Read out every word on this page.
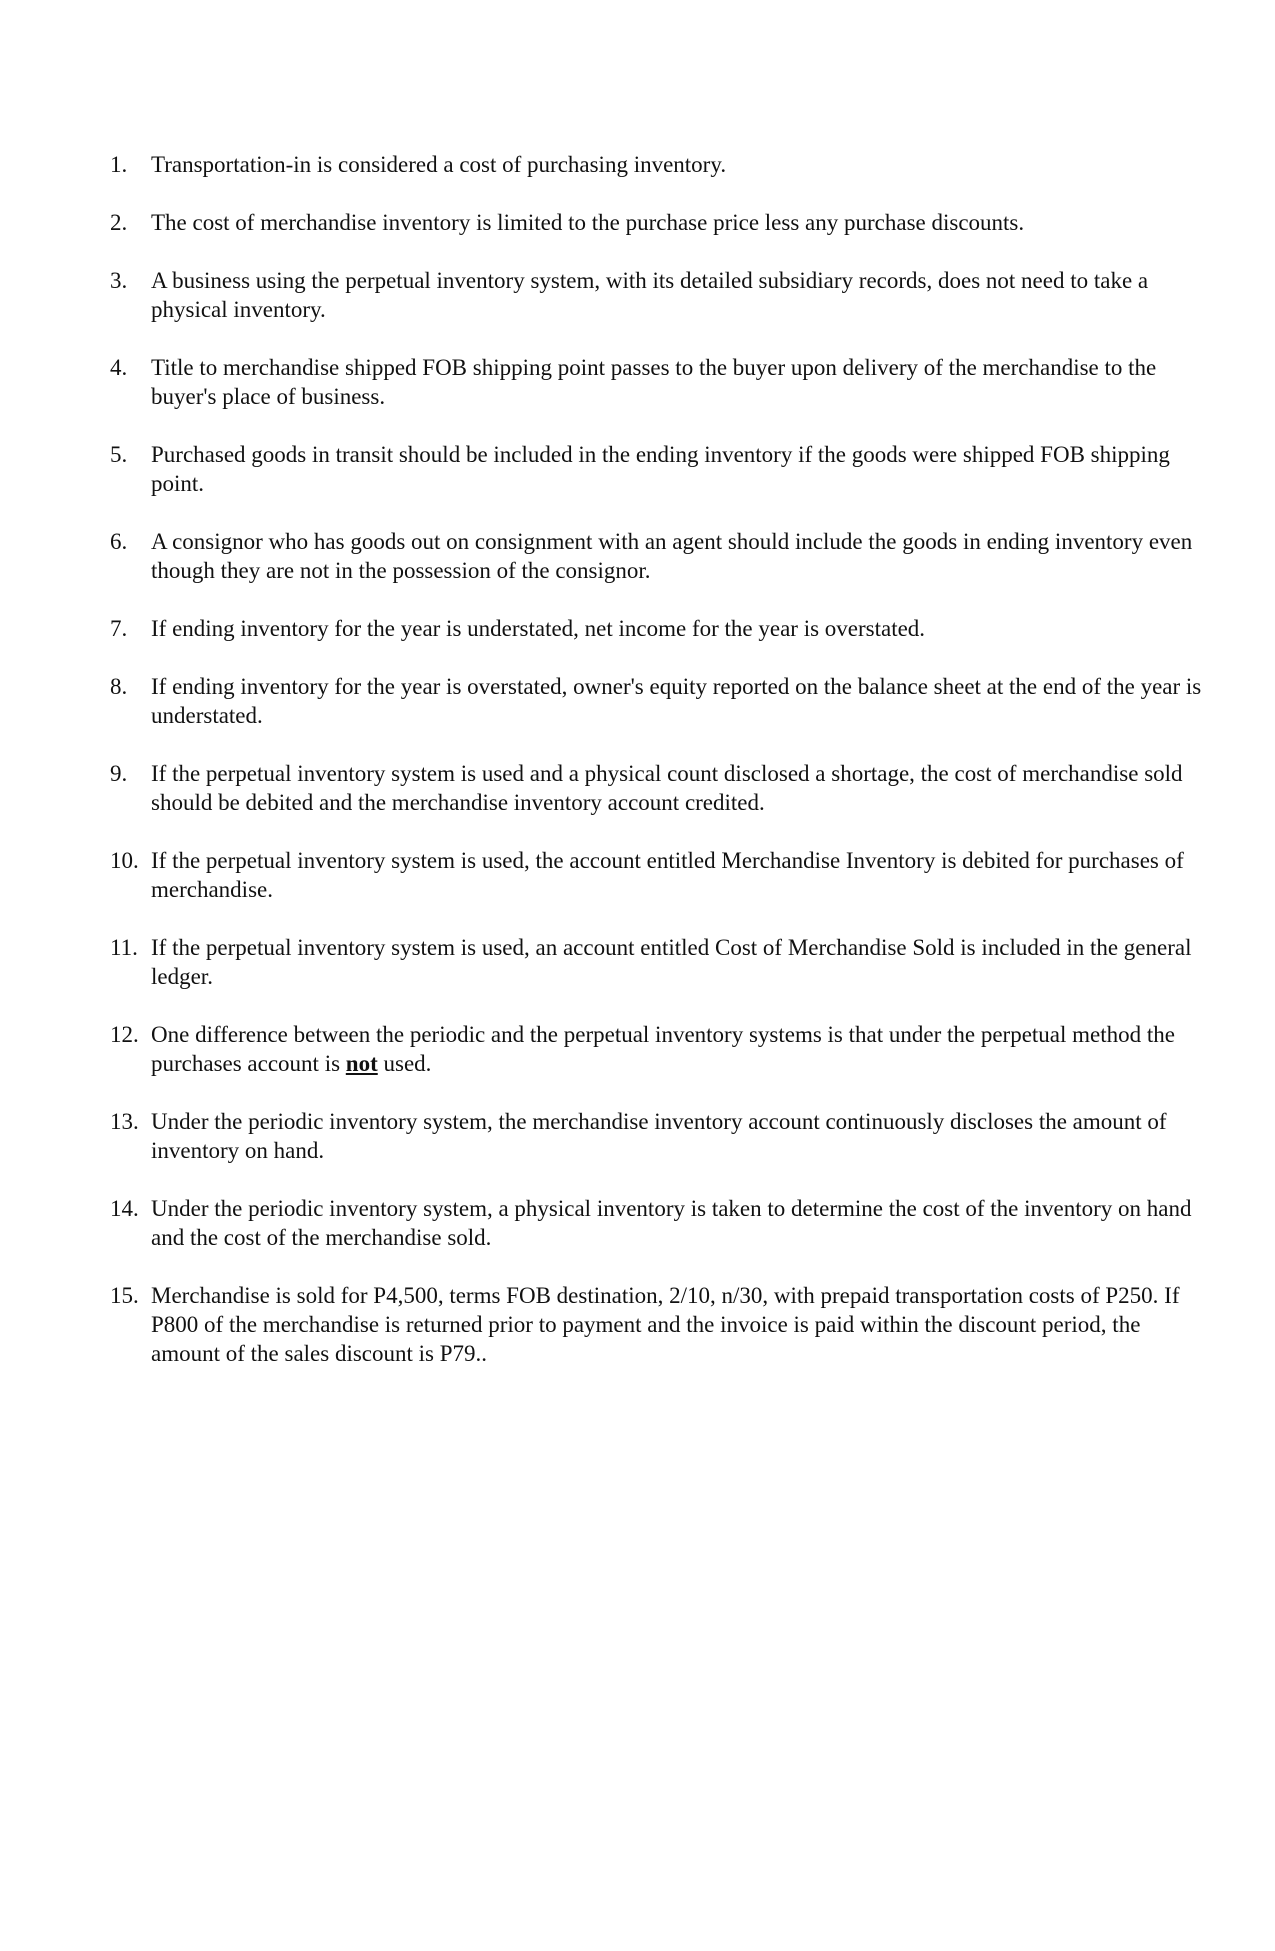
1.	Transportation-in is considered a cost of purchasing inventory.
2.	The cost of merchandise inventory is limited to the purchase price less any purchase discounts.
3.	A business using the perpetual inventory system, with its detailed subsidiary records, does not need to take a physical inventory.
4.	Title to merchandise shipped FOB shipping point passes to the buyer upon delivery of the merchandise to the buyer's place of business.
5.	Purchased goods in transit should be included in the ending inventory if the goods were shipped FOB shipping point.
6.	A consignor who has goods out on consignment with an agent should include the goods in ending inventory even though they are not in the possession of the consignor.
7.	If ending inventory for the year is understated, net income for the year is overstated.
8.	If ending inventory for the year is overstated, owner's equity reported on the balance sheet at the end of the year is understated.
9.	If the perpetual inventory system is used and a physical count disclosed a shortage, the cost of merchandise sold should be debited and the merchandise inventory account credited.
10. If the perpetual inventory system is used, the account entitled Merchandise Inventory is debited for purchases of merchandise.
11. If the perpetual inventory system is used, an account entitled Cost of Merchandise Sold is included in the general ledger.
12. One difference between the periodic and the perpetual inventory systems is that under the perpetual method the purchases account is not used.
13. Under the periodic inventory system, the merchandise inventory account continuously discloses the amount of inventory on hand.
14. Under the periodic inventory system, a physical inventory is taken to determine the cost of the inventory on hand and the cost of the merchandise sold.
15. Merchandise is sold for P4,500, terms FOB destination, 2/10, n/30, with prepaid transportation costs of P250. If P800 of the merchandise is returned prior to payment and the invoice is paid within the discount period, the amount of the sales discount is P79..
